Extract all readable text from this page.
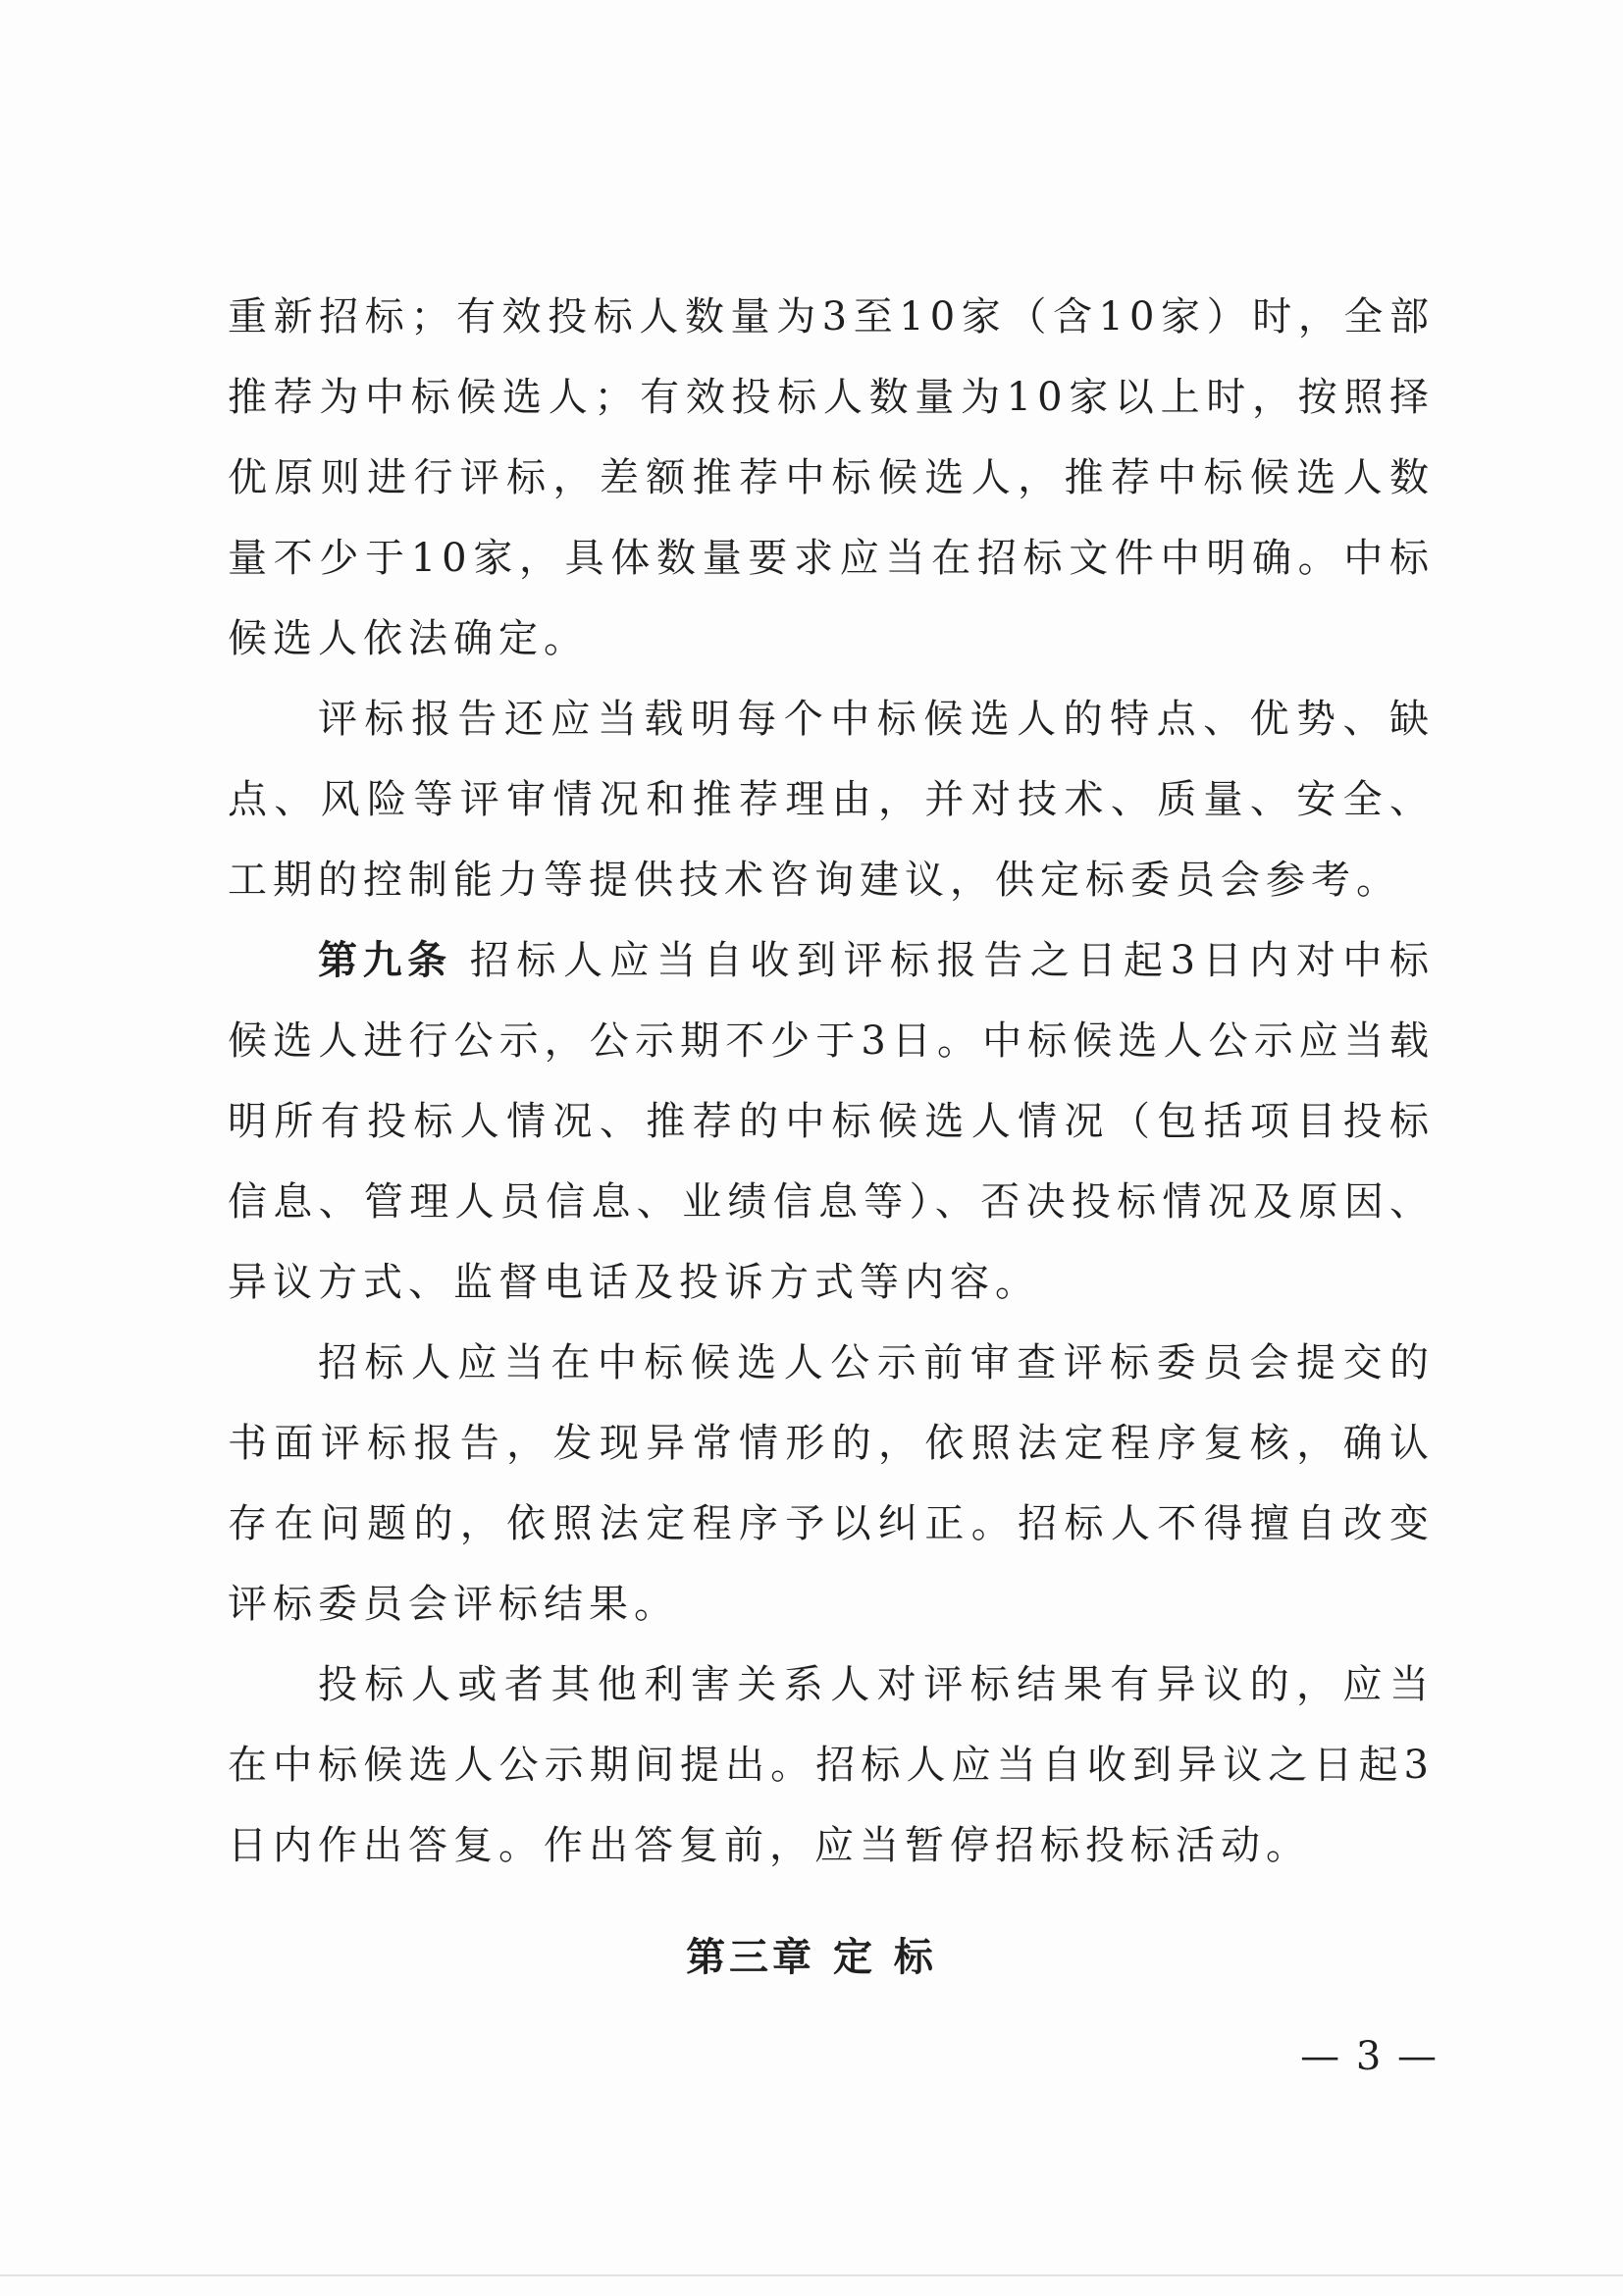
重新招标；有效投标人数量为3至10家（含10家）时，全部推荐为中标候选人；有效投标人数量为10家以上时，按照择优原则进行评标，差额推荐中标候选人，推荐中标候选人数量不少于10家，具体数量要求应当在招标文件中明确。中标候选人依法确定。

评标报告还应当载明每个中标候选人的特点、优势、缺点、风险等评审情况和推荐理由，并对技术、质量、安全、工期的控制能力等提供技术咨询建议，供定标委员会参考。

第九条 招标人应当自收到评标报告之日起3日内对中标候选人进行公示，公示期不少于3日。中标候选人公示应当载明所有投标人情况、推荐的中标候选人情况（包括项目投标信息、管理人员信息、业绩信息等）、否决投标情况及原因、异议方式、监督电话及投诉方式等内容。

招标人应当在中标候选人公示前审查评标委员会提交的书面评标报告，发现异常情形的，依照法定程序复核，确认存在问题的，依照法定程序予以纠正。招标人不得擅自改变评标委员会评标结果。

投标人或者其他利害关系人对评标结果有异议的，应当在中标候选人公示期间提出。招标人应当自收到异议之日起3日内作出答复。作出答复前，应当暂停招标投标活动。

第三章 定 标
— 3 —
